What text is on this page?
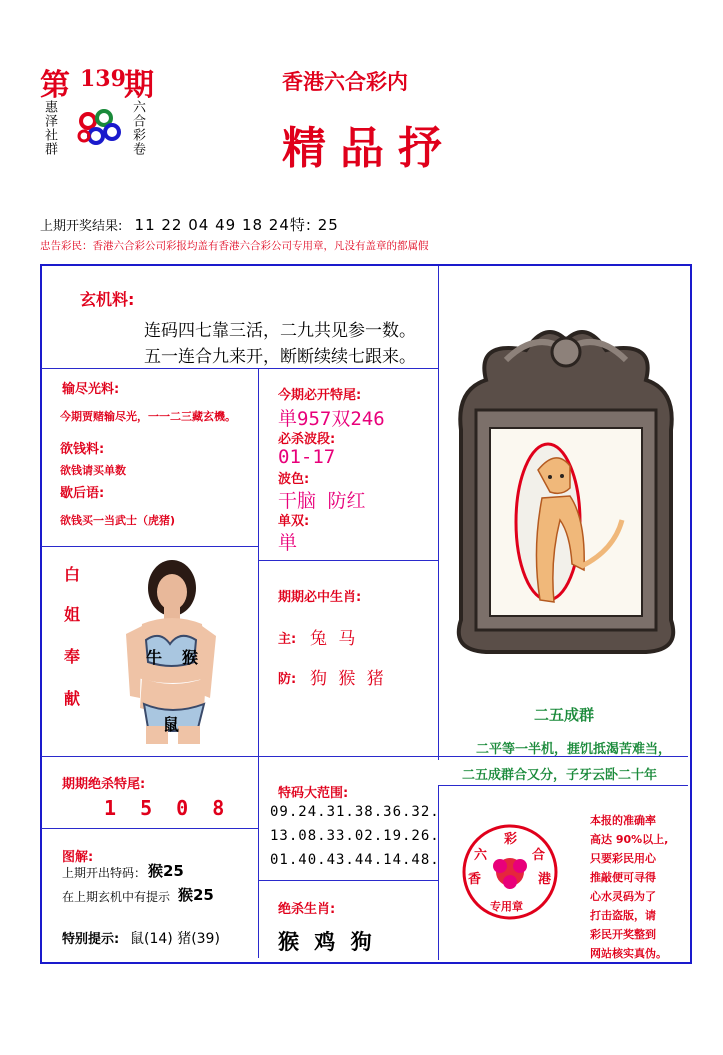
第 139
期
惠泽社群	六合彩卷
香港六合彩内
精品抒
上期开奖结果: 11 22 04 49 18 24特: 25
忠告彩民：香港六合彩公司彩报均盖有香港六合彩公司专用章，凡没有盖章的都属假
玄机料:
连码四七靠三活，二九共见参一数。
五一连合九来开，断断续续七跟来。
输尽光料:
今期贾赌输尽光，一一二三藏玄機。
欲钱料:
欲钱请买单数
歇后语:
欲钱买一当武士（虎猪)
今期必开特尾:
単957双246
必杀波段:
01-17
波色:
干脑 防红
单双:
単
白
姐
奉
献
牛 猴
鼠
期期必中生肖:
主: 兔 马
防: 狗 猴 猪
二五成群
二平等一半机，捱饥抵渴苦难当，
二五成群合又分，子牙云卧二十年
期期绝杀特尾:
1 5 0 8
特码大范围:
09.24.31.38.36.32.
13.08.33.02.19.26.
01.40.43.44.14.48.
图解:
上期开出特码： 猴25
在上期玄机中有提示 猴25
特别提示: 鼠(14) 猪(39)
绝杀生肖:
猴 鸡 狗
彩
六	合
香	港
专用章
本报的准确率
高达 90%以上,
只要彩民用心
推敲便可寻得
心水灵码为了
打击盗版，请
彩民开奖整到
网站核实真伪。
